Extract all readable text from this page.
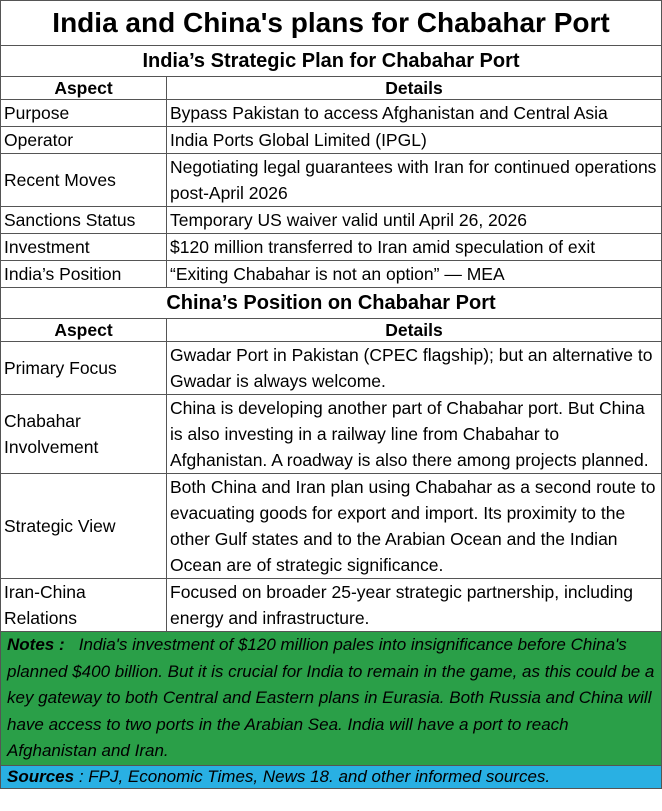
India and China's plans for Chabahar Port	
India’s Strategic Plan for Chabahar Port	
Aspect	Details
Purpose	Bypass Pakistan to access Afghanistan and Central Asia
Operator	India Ports Global Limited (IPGL)
Recent Moves	Negotiating legal guarantees with Iran for continued operations post-April 2026
Sanctions Status	Temporary US waiver valid until April 26, 2026
Investment	$120 million transferred to Iran amid speculation of exit
India’s Position	“Exiting Chabahar is not an option” — MEA
China’s Position on Chabahar Port	
Aspect	Details
Primary Focus	Gwadar Port in Pakistan (CPEC flagship); but an alternative to Gwadar is always welcome.
Chabahar Involvement	China is developing another part of Chabahar port. But China is also investing in a railway line from Chabahar to Afghanistan. A roadway is also there among projects planned.
Strategic View	Both China and Iran plan using Chabahar as a second route to evacuating goods for export and import. Its proximity to the other Gulf states and to the Arabian Ocean and the Indian Ocean are of strategic significance.
Iran-China Relations	Focused on broader 25-year strategic partnership, including energy and infrastructure.
Notes : India's investment of $120 million pales into insignificance before China's planned $400 billion. But it is crucial for India to remain in the game, as this could be a key gateway to both Central and Eastern plans in Eurasia. Both Russia and China will have access to two ports in the Arabian Sea. India will have a port to reach Afghanistan and Iran.	
Sources : FPJ, Economic Times, News 18. and other informed sources.	
